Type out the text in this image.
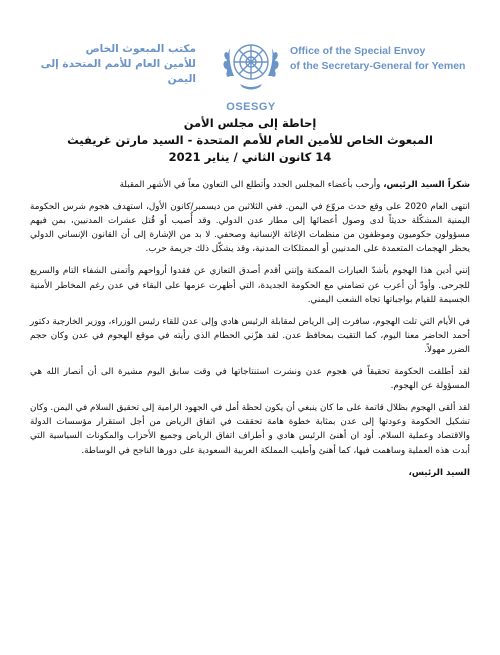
مكتب المبعوث الخاص
للأمين العام للأمم المتحدة إلى اليمن
Office of the Special Envoy
of the Secretary-General for Yemen
OSESGY
إحاطة إلى مجلس الأمن
المبعوث الخاص للأمين العام للأمم المتحدة - السيد مارتن غريفيث
14 كانون الثاني / يناير 2021

شكراً السيد الرئيس، وأرحب بأعضاء المجلس الجدد وأتطلع الى التعاون معاً في الأشهر المقبلة

انتهى العام 2020 على وقع حدث مروّع في اليمن. ففي الثلاثين من ديسمبر/كانون الأول، استهدف هجوم شرس الحكومة اليمنية المشكّلة حديثاً لدى وصول أعضائها إلى مطار عدن الدولي. وقد أُصيب أو قُتل عشرات المدنيين، بمن فيهم مسؤولون حكوميون وموظفون من منظمات الإغاثة الإنسانية وصحفي. لا بد من الإشارة إلى أن القانون الإنساني الدولي يحظر الهجمات المتعمدة على المدنيين أو الممتلكات المدنية، وقد يشكّل ذلك جريمة حرب.

إنني أدين هذا الهجوم بأشدّ العبارات الممكنة وإنني أقدم أصدق التعازي عن فقدوا أرواحهم وأتمنى الشفاء التام والسريع للجرحى. وأودّ أن أعرب عن تضامني مع الحكومة الجديدة، التي أظهرت عزمها على البقاء في عدن رغم المخاطر الأمنية الجسيمة للقيام بواجباتها تجاه الشعب اليمني.

في الأيام التي تلت الهجوم، سافرت إلى الرياض لمقابلة الرئيس هادي وإلى عدن للقاء رئيس الوزراء، ووزير الخارجية دكتور أحمد الحاضر معنا اليوم، كما التقيت بمحافظ عدن. لقد هزّني الحطام الذي رأيته في موقع الهجوم في عدن وكان حجم الضرر مهولاً.

لقد أطلقت الحكومة تحقيقاً في هجوم عدن ونشرت استنتاجاتها في وقت سابق اليوم مشيرة الى أن أنصار الله هي المسؤولة عن الهجوم.

لقد ألقى الهجوم بظلال قاتمة على ما كان ينبغي أن يكون لحظة أمل في الجهود الرامية إلى تحقيق السلام في اليمن. وكان تشكيل الحكومة وعودتها إلى عدن بمثابة خطوة هامة تحققت في اتفاق الرياض من أجل استقرار مؤسسات الدولة والاقتصاد وعملية السلام. أود ان أهنئ الرئيس هادي و أطراف اتفاق الرياض وجميع الأحزاب والمكونات السياسية التي أبدت هذه العملية وساهمت فيها، كما أهنئ وأطيب المملكة العربية السعودية على دورها الناجح في الوساطة.

السيد الرئيس،
